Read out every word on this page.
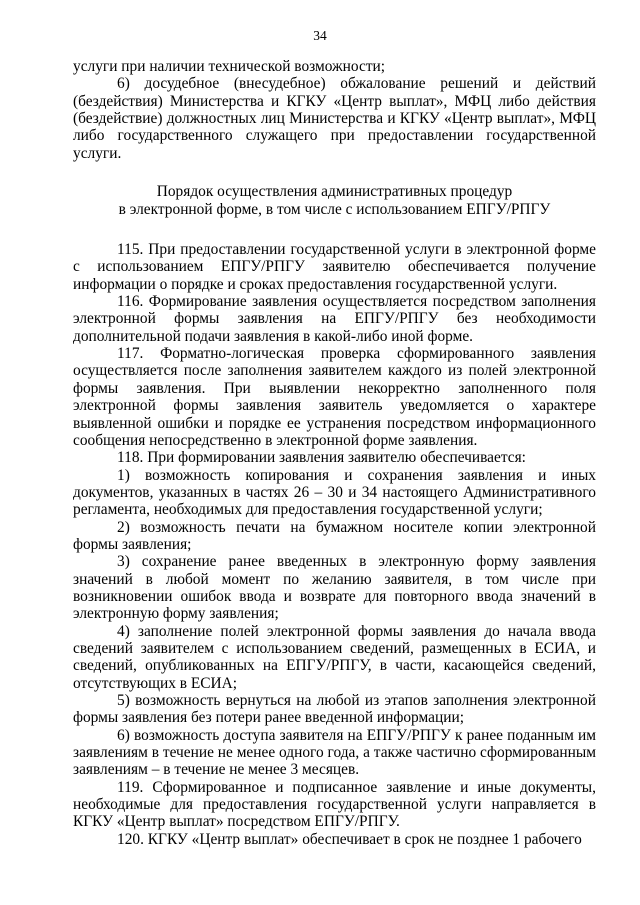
34

услуги при наличии технической возможности;

6) досудебное (внесудебное) обжалование решений и действий (бездействия) Министерства и КГКУ «Центр выплат», МФЦ либо действия (бездействие) должностных лиц Министерства и КГКУ «Центр выплат», МФЦ либо государственного служащего при предоставлении государственной услуги.

Порядок осуществления административных процедур
в электронной форме, в том числе с использованием ЕПГУ/РПГУ

115. При предоставлении государственной услуги в электронной форме с использованием ЕПГУ/РПГУ заявителю обеспечивается получение информации о порядке и сроках предоставления государственной услуги.

116. Формирование заявления осуществляется посредством заполнения электронной формы заявления на ЕПГУ/РПГУ без необходимости дополнительной подачи заявления в какой-либо иной форме.

117. Форматно-логическая проверка сформированного заявления осуществляется после заполнения заявителем каждого из полей электронной формы заявления. При выявлении некорректно заполненного поля электронной формы заявления заявитель уведомляется о характере выявленной ошибки и порядке ее устранения посредством информационного сообщения непосредственно в электронной форме заявления.

118. При формировании заявления заявителю обеспечивается:

1) возможность копирования и сохранения заявления и иных документов, указанных в частях 26 – 30 и 34 настоящего Административного регламента, необходимых для предоставления государственной услуги;

2) возможность печати на бумажном носителе копии электронной формы заявления;

3) сохранение ранее введенных в электронную форму заявления значений в любой момент по желанию заявителя, в том числе при возникновении ошибок ввода и возврате для повторного ввода значений в электронную форму заявления;

4) заполнение полей электронной формы заявления до начала ввода сведений заявителем с использованием сведений, размещенных в ЕСИА, и сведений, опубликованных на ЕПГУ/РПГУ, в части, касающейся сведений, отсутствующих в ЕСИА;

5) возможность вернуться на любой из этапов заполнения электронной формы заявления без потери ранее введенной информации;

6) возможность доступа заявителя на ЕПГУ/РПГУ к ранее поданным им заявлениям в течение не менее одного года, а также частично сформированным заявлениям – в течение не менее 3 месяцев.

119. Сформированное и подписанное заявление и иные документы, необходимые для предоставления государственной услуги направляется в КГКУ «Центр выплат» посредством ЕПГУ/РПГУ.

120. КГКУ «Центр выплат» обеспечивает в срок не позднее 1 рабочего
